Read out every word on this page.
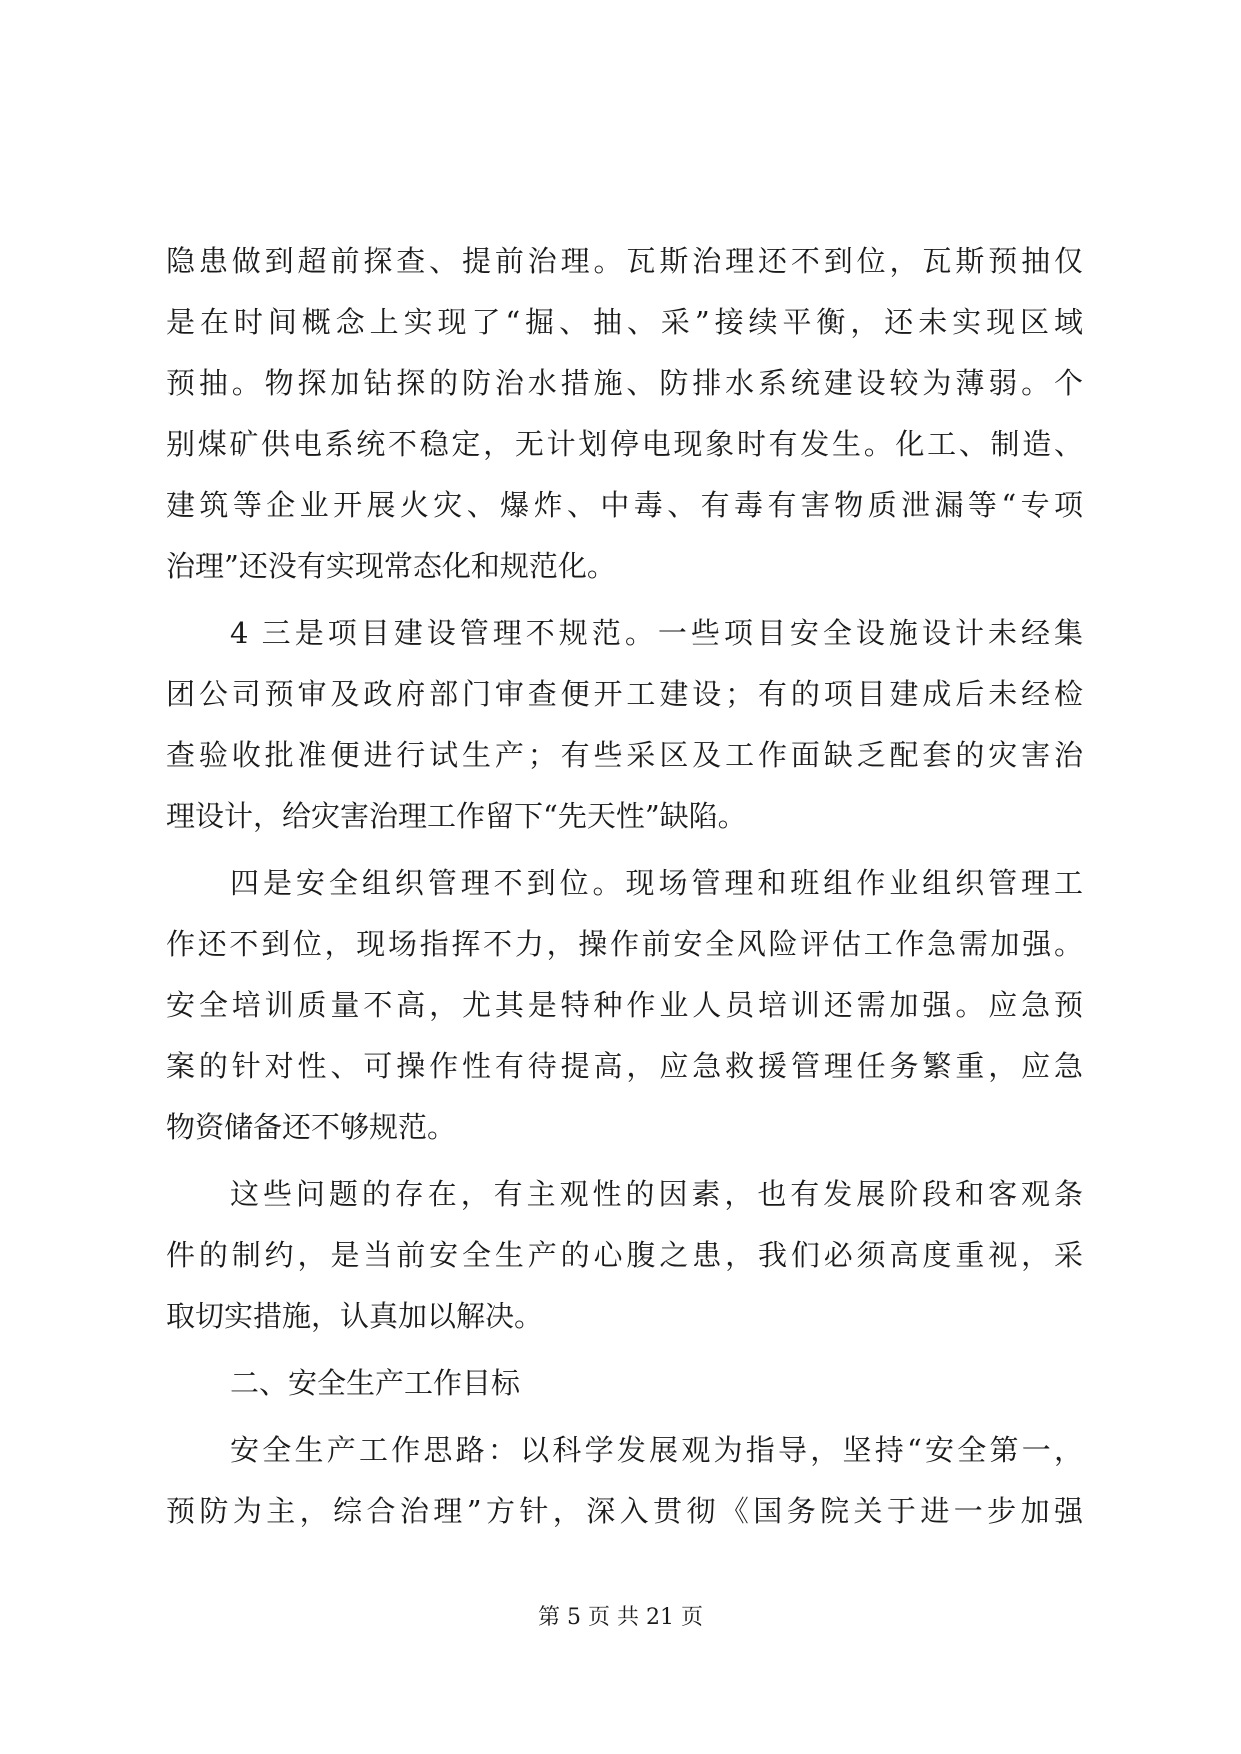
隐患做到超前探查、提前治理。瓦斯治理还不到位，瓦斯预抽仅
是在时间概念上实现了“掘、抽、采”接续平衡，还未实现区域
预抽。物探加钻探的防治水措施、防排水系统建设较为薄弱。个
别煤矿供电系统不稳定，无计划停电现象时有发生。化工、制造、
建筑等企业开展火灾、爆炸、中毒、有毒有害物质泄漏等“专项
治理”还没有实现常态化和规范化。
4 三是项目建设管理不规范。一些项目安全设施设计未经集
团公司预审及政府部门审查便开工建设；有的项目建成后未经检
查验收批准便进行试生产；有些采区及工作面缺乏配套的灾害治
理设计，给灾害治理工作留下“先天性”缺陷。
四是安全组织管理不到位。现场管理和班组作业组织管理工
作还不到位，现场指挥不力，操作前安全风险评估工作急需加强。
安全培训质量不高，尤其是特种作业人员培训还需加强。应急预
案的针对性、可操作性有待提高，应急救援管理任务繁重，应急
物资储备还不够规范。
这些问题的存在，有主观性的因素，也有发展阶段和客观条
件的制约，是当前安全生产的心腹之患，我们必须高度重视，采
取切实措施，认真加以解决。
二、安全生产工作目标
安全生产工作思路：以科学发展观为指导，坚持“安全第一，
预防为主，综合治理”方针，深入贯彻《国务院关于进一步加强
第 5 页 共 21 页
